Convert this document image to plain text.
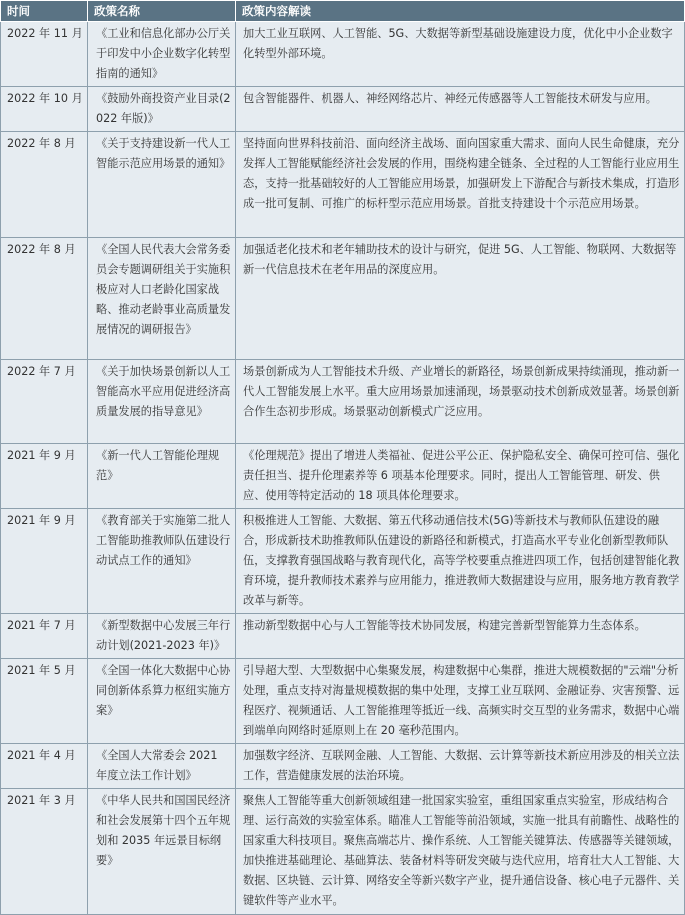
时间	政策名称	政策内容解读
2022 年 11 月	《工业和信息化部办公厅关于印发中小企业数字化转型指南的通知》	加大工业互联网、人工智能、5G、大数据等新型基础设施建设力度，优化中小企业数字化转型外部环境。
2022 年 10 月	《鼓励外商投资产业目录(2022 年版)》	包含智能器件、机器人、神经网络芯片、神经元传感器等人工智能技术研发与应用。
2022 年 8 月	《关于支持建设新一代人工智能示范应用场景的通知》	坚持面向世界科技前沿、面向经济主战场、面向国家重大需求、面向人民生命健康，充分发挥人工智能赋能经济社会发展的作用，围绕构建全链条、全过程的人工智能行业应用生态，支持一批基础较好的人工智能应用场景，加强研发上下游配合与新技术集成，打造形成一批可复制、可推广的标杆型示范应用场景。首批支持建设十个示范应用场景。
2022 年 8 月	《全国人民代表大会常务委员会专题调研组关于实施积极应对人口老龄化国家战略、推动老龄事业高质量发展情况的调研报告》	加强适老化技术和老年辅助技术的设计与研究，促进 5G、人工智能、物联网、大数据等新一代信息技术在老年用品的深度应用。
2022 年 7 月	《关于加快场景创新以人工智能高水平应用促进经济高质量发展的指导意见》	场景创新成为人工智能技术升级、产业增长的新路径，场景创新成果持续涌现，推动新一代人工智能发展上水平。重大应用场景加速涌现，场景驱动技术创新成效显著。场景创新合作生态初步形成。场景驱动创新模式广泛应用。
2021 年 9 月	《新一代人工智能伦理规范》	《伦理规范》提出了增进人类福祉、促进公平公正、保护隐私安全、确保可控可信、强化责任担当、提升伦理素养等 6 项基本伦理要求。同时，提出人工智能管理、研发、供应、使用等特定活动的 18 项具体伦理要求。
2021 年 9 月	《教育部关于实施第二批人工智能助推教师队伍建设行动试点工作的通知》	积极推进人工智能、大数据、第五代移动通信技术(5G)等新技术与教师队伍建设的融合，形成新技术助推教师队伍建设的新路径和新模式，打造高水平专业化创新型教师队伍，支撑教育强国战略与教育现代化，高等学校要重点推进四项工作，包括创建智能化教育环境，提升教师技术素养与应用能力，推进教师大数据建设与应用，服务地方教育教学改革与新等。
2021 年 7 月	《新型数据中心发展三年行动计划(2021-2023 年)》	推动新型数据中心与人工智能等技术协同发展，构建完善新型智能算力生态体系。
2021 年 5 月	《全国一体化大数据中心协同创新体系算力枢纽实施方案》	引导超大型、大型数据中心集聚发展，构建数据中心集群，推进大规模数据的"云端"分析处理，重点支持对海量规模数据的集中处理，支撑工业互联网、金融证券、灾害预警、远程医疗、视频通话、人工智能推理等抵近一线、高频实时交互型的业务需求，数据中心端到端单向网络时延原则上在 20 毫秒范围内。
2021 年 4 月	《全国人大常委会 2021 年度立法工作计划》	加强数字经济、互联网金融、人工智能、大数据、云计算等新技术新应用涉及的相关立法工作，营造健康发展的法治环境。
2021 年 3 月	《中华人民共和国国民经济和社会发展第十四个五年规划和 2035 年远景目标纲要》	聚焦人工智能等重大创新领域组建一批国家实验室，重组国家重点实验室，形成结构合理、运行高效的实验室体系。瞄准人工智能等前沿领域，实施一批具有前瞻性、战略性的国家重大科技项目。聚焦高端芯片、操作系统、人工智能关键算法、传感器等关键领域，加快推进基础理论、基础算法、装备材料等研发突破与迭代应用，培育壮大人工智能、大数据、区块链、云计算、网络安全等新兴数字产业，提升通信设备、核心电子元器件、关键软件等产业水平。
